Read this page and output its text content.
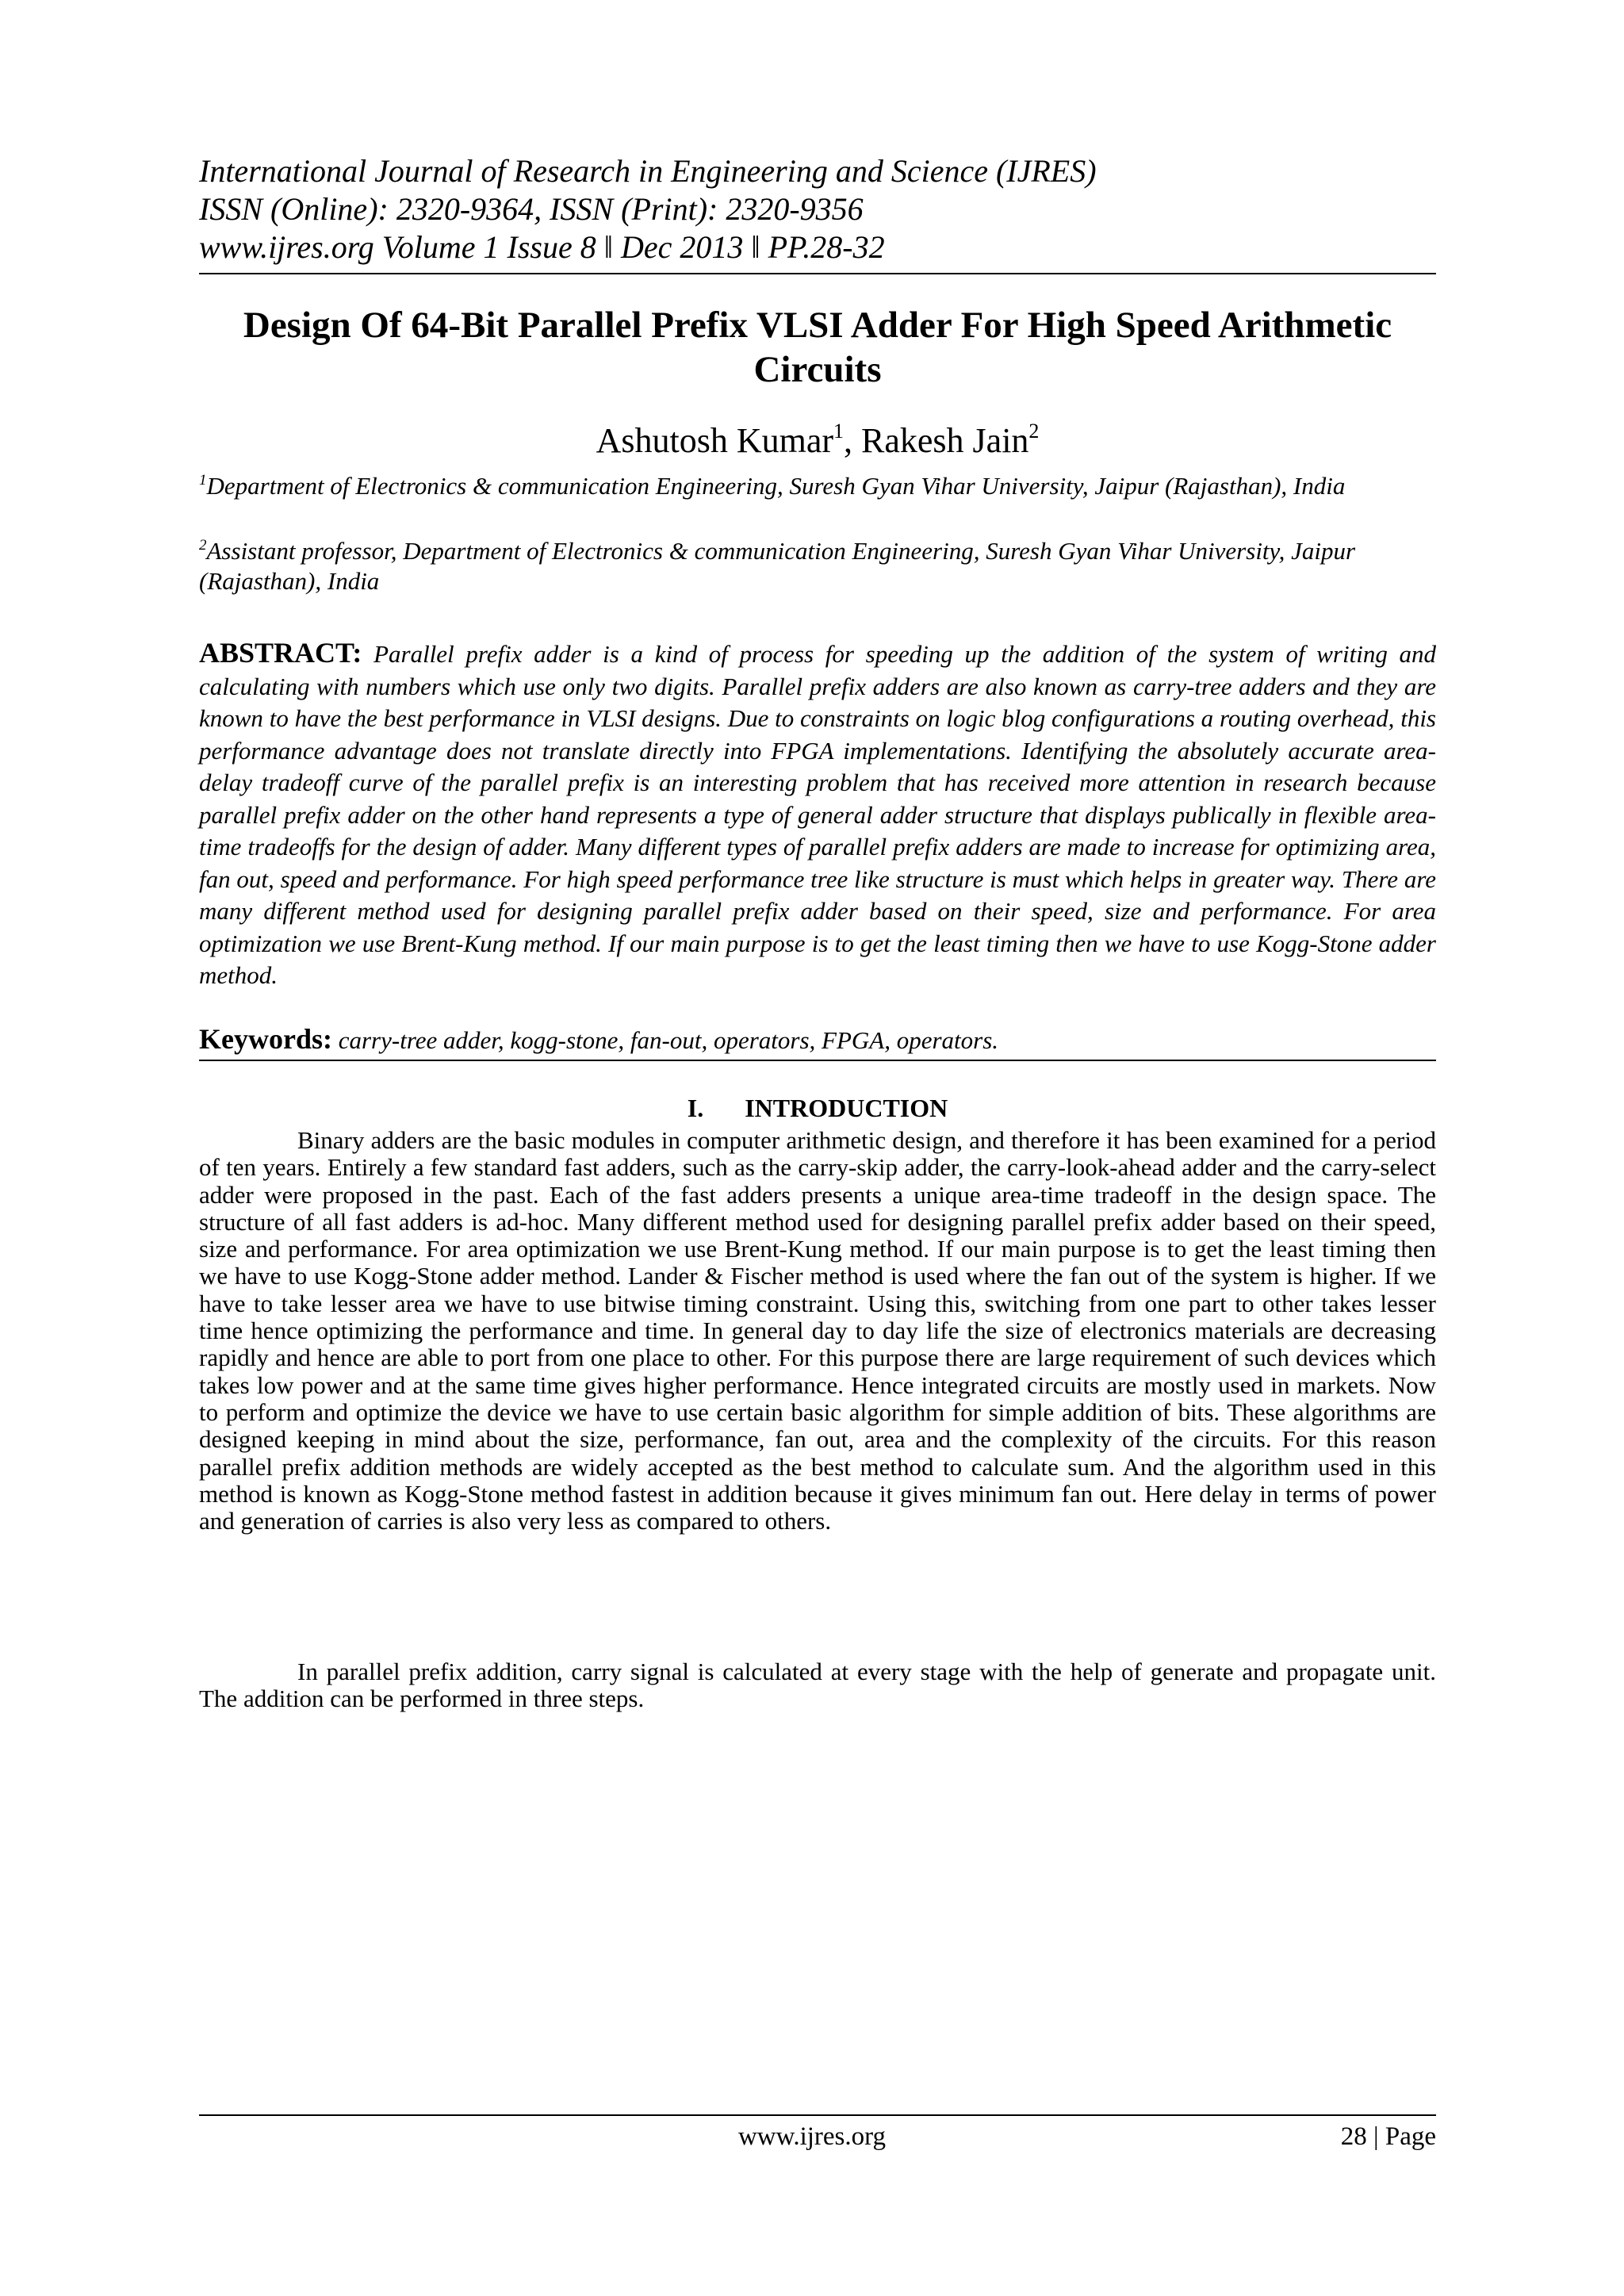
International Journal of Research in Engineering and Science (IJRES)
ISSN (Online): 2320-9364, ISSN (Print): 2320-9356
www.ijres.org Volume 1 Issue 8 ǁ Dec 2013 ǁ PP.28-32
Design Of 64-Bit Parallel Prefix VLSI Adder For High Speed Arithmetic
Circuits
Ashutosh Kumar$^1$, Rakesh Jain$^2$
$^1$Department of Electronics & communication Engineering, Suresh Gyan Vihar University, Jaipur (Rajasthan), India
$^2$Assistant professor, Department of Electronics & communication Engineering, Suresh Gyan Vihar University, Jaipur (Rajasthan), India
ABSTRACT: Parallel prefix adder is a kind of process for speeding up the addition of the system of writing and calculating with numbers which use only two digits. Parallel prefix adders are also known as carry-tree adders and they are known to have the best performance in VLSI designs. Due to constraints on logic blog configurations a routing overhead, this performance advantage does not translate directly into FPGA implementations. Identifying the absolutely accurate area-delay tradeoff curve of the parallel prefix is an interesting problem that has received more attention in research because parallel prefix adder on the other hand represents a type of general adder structure that displays publically in flexible area-time tradeoffs for the design of adder. Many different types of parallel prefix adders are made to increase for optimizing area, fan out, speed and performance. For high speed performance tree like structure is must which helps in greater way. There are many different method used for designing parallel prefix adder based on their speed, size and performance. For area optimization we use Brent-Kung method. If our main purpose is to get the least timing then we have to use Kogg-Stone adder method.
Keywords: carry-tree adder, kogg-stone, fan-out, operators, FPGA, operators.
I. INTRODUCTION

Binary adders are the basic modules in computer arithmetic design, and therefore it has been examined for a period of ten years. Entirely a few standard fast adders, such as the carry-skip adder, the carry-look-ahead adder and the carry-select adder were proposed in the past. Each of the fast adders presents a unique area-time tradeoff in the design space. The structure of all fast adders is ad-hoc. Many different method used for designing parallel prefix adder based on their speed, size and performance. For area optimization we use Brent-Kung method. If our main purpose is to get the least timing then we have to use Kogg-Stone adder method. Lander & Fischer method is used where the fan out of the system is higher. If we have to take lesser area we have to use bitwise timing constraint. Using this, switching from one part to other takes lesser time hence optimizing the performance and time. In general day to day life the size of electronics materials are decreasing rapidly and hence are able to port from one place to other. For this purpose there are large requirement of such devices which takes low power and at the same time gives higher performance. Hence integrated circuits are mostly used in markets. Now to perform and optimize the device we have to use certain basic algorithm for simple addition of bits. These algorithms are designed keeping in mind about the size, performance, fan out, area and the complexity of the circuits. For this reason parallel prefix addition methods are widely accepted as the best method to calculate sum. And the algorithm used in this method is known as Kogg-Stone method fastest in addition because it gives minimum fan out. Here delay in terms of power and generation of carries is also very less as compared to others.

In parallel prefix addition, carry signal is calculated at every stage with the help of generate and propagate unit. The addition can be performed in three steps.

www.ijres.org	28 | Page
